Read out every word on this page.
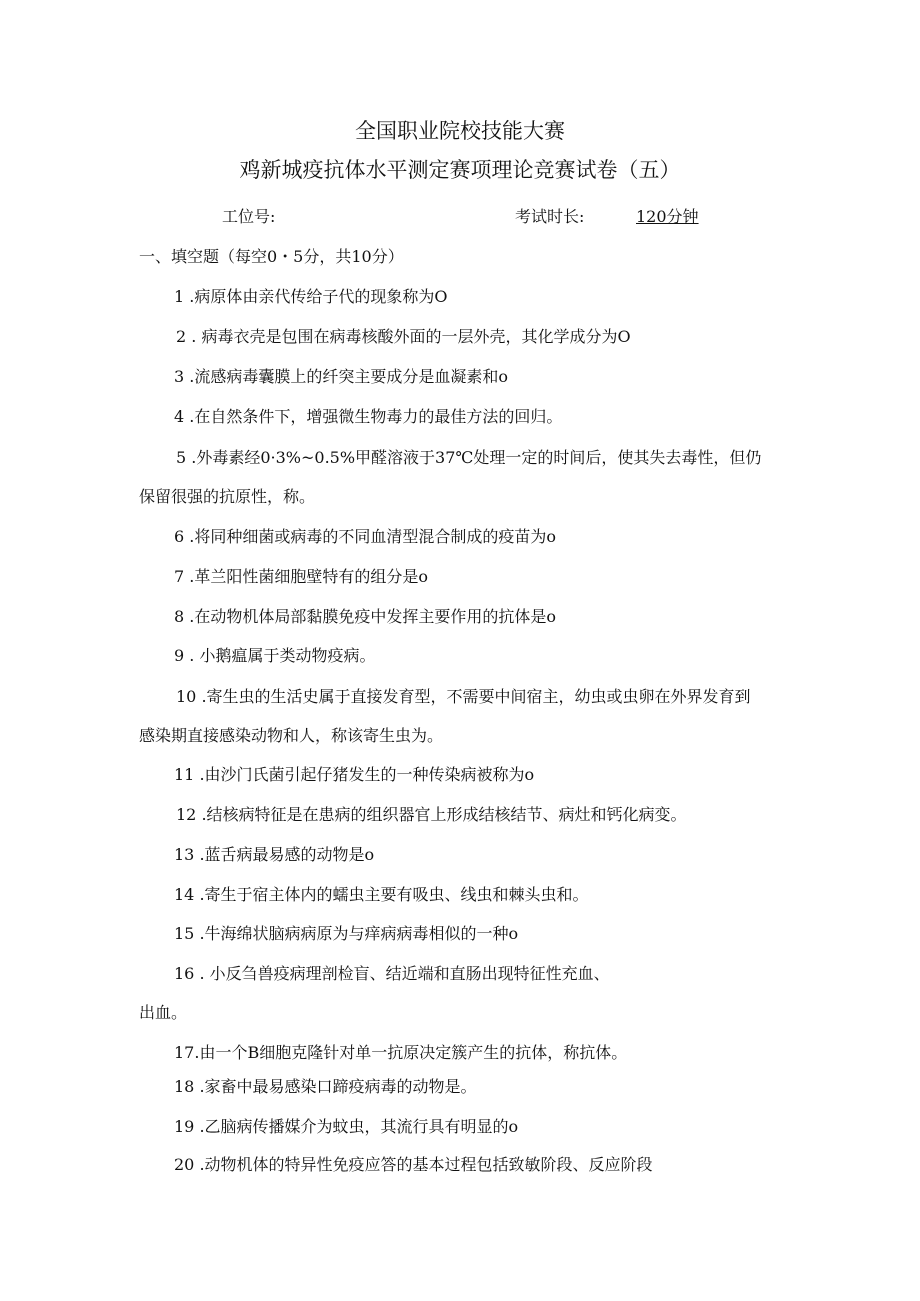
全国职业院校技能大赛
鸡新城疫抗体水平测定赛项理论竞赛试卷（五）
工位号:	考试时长:	120分钟
一、填空题（每空0・5分，共10分）
1 .病原体由亲代传给子代的现象称为O
2 . 病毒衣壳是包围在病毒核酸外面的一层外壳，其化学成分为O
3 .流感病毒囊膜上的纤突主要成分是血凝素和o
4 .在自然条件下，增强微生物毒力的最佳方法的回归。
5 .外毒素经0·3%~0.5%甲醛溶液于37℃处理一定的时间后，使其失去毒性，但仍
保留很强的抗原性，称。
6 .将同种细菌或病毒的不同血清型混合制成的疫苗为o
7 .革兰阳性菌细胞壁特有的组分是o
8 .在动物机体局部黏膜免疫中发挥主要作用的抗体是o
9 . 小鹅瘟属于类动物疫病。
10 .寄生虫的生活史属于直接发育型，不需要中间宿主，幼虫或虫卵在外界发育到
感染期直接感染动物和人，称该寄生虫为。
11 .由沙门氏菌引起仔猪发生的一种传染病被称为o
12 .结核病特征是在患病的组织器官上形成结核结节、病灶和钙化病变。
13 .蓝舌病最易感的动物是o
14 .寄生于宿主体内的蠕虫主要有吸虫、线虫和棘头虫和。
15 .牛海绵状脑病病原为与痒病病毒相似的一种o
16 . 小反刍兽疫病理剖检盲、结近端和直肠出现特征性充血、
出血。
17.由一个B细胞克隆针对单一抗原决定簇产生的抗体，称抗体。
18 .家畜中最易感染口蹄疫病毒的动物是。
19 .乙脑病传播媒介为蚊虫，其流行具有明显的o
20 .动物机体的特异性免疫应答的基本过程包括致敏阶段、反应阶段
